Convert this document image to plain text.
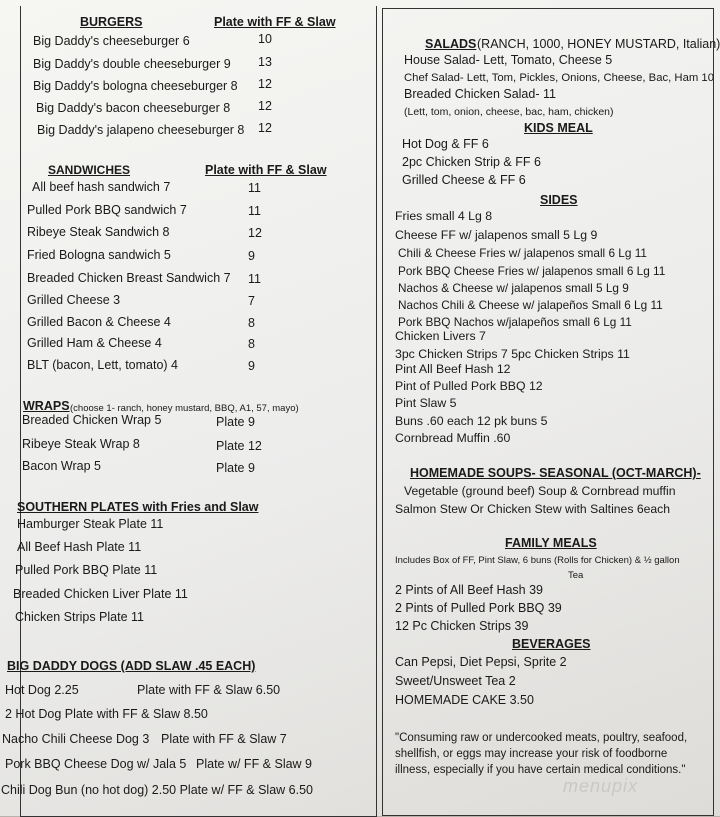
menupix
BURGERS	Plate with FF & Slaw
Big Daddy's cheeseburger 6	10
Big Daddy's double cheeseburger 9 13
Big Daddy's bologna cheeseburger 8 12
Big Daddy's bacon cheeseburger 8 12
Big Daddy's jalapeno cheeseburger 8 12
SANDWICHES	Plate with FF & Slaw
All beef hash sandwich 7	11
Pulled Pork BBQ sandwich 7	11
Ribeye Steak Sandwich 8	12
Fried Bologna sandwich 5	9
Breaded Chicken Breast Sandwich 7 11
Grilled Cheese 3	7
Grilled Bacon & Cheese 4	8
Grilled Ham & Cheese 4	8
BLT (bacon, Lett, tomato) 4	9
WRAPS (choose 1- ranch, honey mustard, BBQ, A1, 57, mayo)
Breaded Chicken Wrap 5	Plate 9
Ribeye Steak Wrap 8	Plate 12
Bacon Wrap 5	Plate 9
SOUTHERN PLATES with Fries and Slaw
Hamburger Steak Plate 11
All Beef Hash Plate 11
Pulled Pork BBQ Plate 11
Breaded Chicken Liver Plate 11
Chicken Strips Plate 11
BIG DADDY DOGS (ADD SLAW .45 EACH)
Hot Dog 2.25	Plate with FF & Slaw 6.50
2 Hot Dog Plate with FF & Slaw 8.50
Nacho Chili Cheese Dog 3 Plate with FF & Slaw 7
Pork BBQ Cheese Dog w/ Jala 5 Plate w/ FF & Slaw 9
Chili Dog Bun (no hot dog) 2.50 Plate w/ FF & Slaw 6.50
SALADS (RANCH, 1000, HONEY MUSTARD, Italian)
House Salad- Lett, Tomato, Cheese 5
Chef Salad- Lett, Tom, Pickles, Onions, Cheese, Bac, Ham 10
Breaded Chicken Salad- 11
(Lett, tom, onion, cheese, bac, ham, chicken)
KIDS MEAL
Hot Dog & FF 6
2pc Chicken Strip & FF 6
Grilled Cheese & FF 6
SIDES
Fries small 4 Lg 8
Cheese FF w/ jalapenos small 5 Lg 9
Chili & Cheese Fries w/ jalapenos small 6 Lg 11
Pork BBQ Cheese Fries w/ jalapenos small 6 Lg 11
Nachos & Cheese w/ jalapenos small 5 Lg 9
Nachos Chili & Cheese w/ jalapeños Small 6 Lg 11
Pork BBQ Nachos w/jalapeños small 6 Lg 11
Chicken Livers 7
3pc Chicken Strips 7 5pc Chicken Strips 11
Pint All Beef Hash 12
Pint of Pulled Pork BBQ 12
Pint Slaw 5
Buns .60 each 12 pk buns 5
Cornbread Muffin .60
HOMEMADE SOUPS- SEASONAL (OCT-MARCH)-
Vegetable (ground beef) Soup & Cornbread muffin
Salmon Stew Or Chicken Stew with Saltines 6each
FAMILY MEALS
Includes Box of FF, Pint Slaw, 6 buns (Rolls for Chicken) & ½ gallon
Tea
2 Pints of All Beef Hash 39
2 Pints of Pulled Pork BBQ 39
12 Pc Chicken Strips 39
BEVERAGES
Can Pepsi, Diet Pepsi, Sprite 2
Sweet/Unsweet Tea 2
HOMEMADE CAKE 3.50
"Consuming raw or undercooked meats, poultry, seafood,
shellfish, or eggs may increase your risk of foodborne
illness, especially if you have certain medical conditions."
